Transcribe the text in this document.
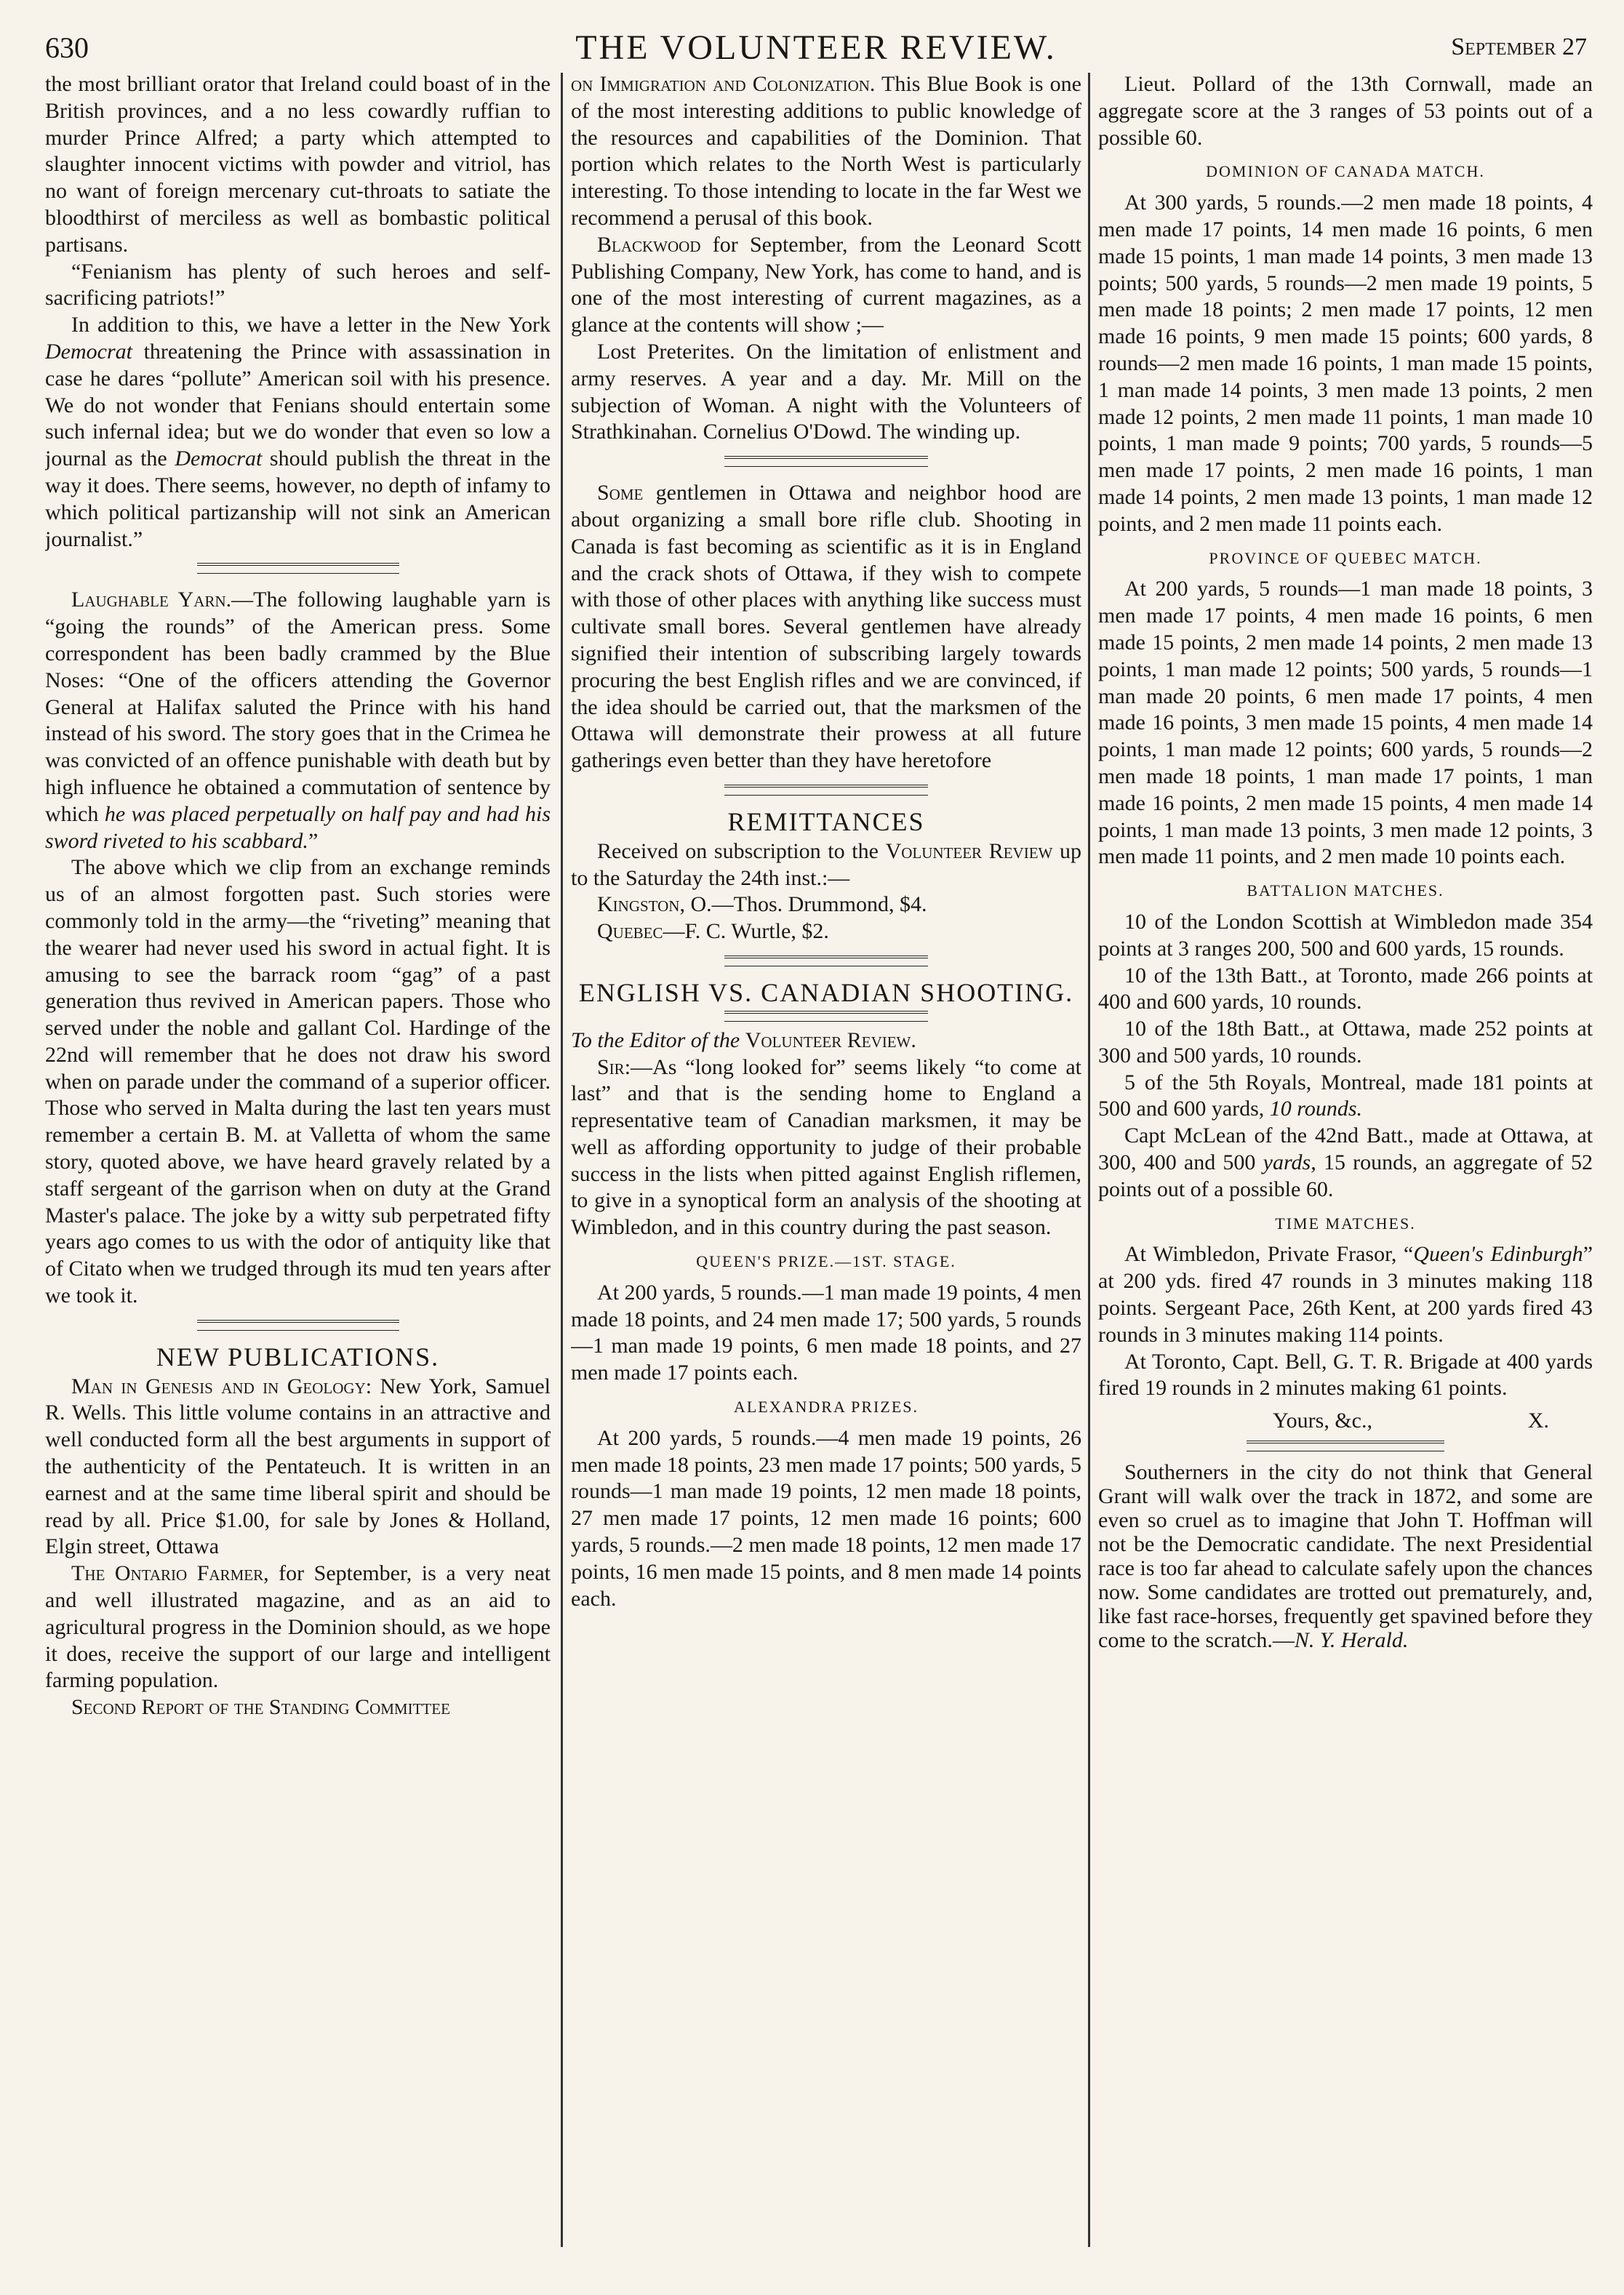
630	THE VOLUNTEER REVIEW.	September 27

the most brilliant orator that Ireland could boast of in the British provinces, and a no less cowardly ruffian to murder Prince Alfred; a party which attempted to slaughter innocent victims with powder and vitriol, has no want of foreign mercenary cut-throats to satiate the bloodthirst of merciless as well as bombastic political partisans.

“Fenianism has plenty of such heroes and self-sacrificing patriots!”

In addition to this, we have a letter in the New York Democrat threatening the Prince with assassination in case he dares “pollute” American soil with his presence. We do not wonder that Fenians should entertain some such infernal idea; but we do wonder that even so low a journal as the Democrat should publish the threat in the way it does. There seems, however, no depth of infamy to which political partizanship will not sink an American journalist.”

Laughable Yarn.—The following laughable yarn is “going the rounds” of the American press. Some correspondent has been badly crammed by the Blue Noses: “One of the officers attending the Governor General at Halifax saluted the Prince with his hand instead of his sword. The story goes that in the Crimea he was convicted of an offence punishable with death but by high influence he obtained a commutation of sentence by which he was placed perpetually on half pay and had his sword riveted to his scabbard.”

The above which we clip from an exchange reminds us of an almost forgotten past. Such stories were commonly told in the army—the “riveting” meaning that the wearer had never used his sword in actual fight. It is amusing to see the barrack room “gag” of a past generation thus revived in American papers. Those who served under the noble and gallant Col. Hardinge of the 22nd will remember that he does not draw his sword when on parade under the command of a superior officer. Those who served in Malta during the last ten years must remember a certain B. M. at Valletta of whom the same story, quoted above, we have heard gravely related by a staff sergeant of the garrison when on duty at the Grand Master's palace. The joke by a witty sub perpetrated fifty years ago comes to us with the odor of antiquity like that of Citato when we trudged through its mud ten years after we took it.

NEW PUBLICATIONS.

Man in Genesis and in Geology: New York, Samuel R. Wells. This little volume contains in an attractive and well conducted form all the best arguments in support of the authenticity of the Pentateuch. It is written in an earnest and at the same time liberal spirit and should be read by all. Price $1.00, for sale by Jones & Holland, Elgin street, Ottawa

The Ontario Farmer, for September, is a very neat and well illustrated magazine, and as an aid to agricultural progress in the Dominion should, as we hope it does, receive the support of our large and intelligent farming population.

Second Report of the Standing Committee

on Immigration and Colonization. This Blue Book is one of the most interesting additions to public knowledge of the resources and capabilities of the Dominion. That portion which relates to the North West is particularly interesting. To those intending to locate in the far West we recommend a perusal of this book.

Blackwood for September, from the Leonard Scott Publishing Company, New York, has come to hand, and is one of the most interesting of current magazines, as a glance at the contents will show ;—

Lost Preterites. On the limitation of enlistment and army reserves. A year and a day. Mr. Mill on the subjection of Woman. A night with the Volunteers of Strathkinahan. Cornelius O'Dowd. The winding up.

Some gentlemen in Ottawa and neighbor hood are about organizing a small bore rifle club. Shooting in Canada is fast becoming as scientific as it is in England and the crack shots of Ottawa, if they wish to compete with those of other places with anything like success must cultivate small bores. Several gentlemen have already signified their intention of subscribing largely towards procuring the best English rifles and we are convinced, if the idea should be carried out, that the marksmen of the Ottawa will demonstrate their prowess at all future gatherings even better than they have heretofore

REMITTANCES

Received on subscription to the Volunteer Review up to the Saturday the 24th inst.:—

Kingston, O.—Thos. Drummond, $4.

Quebec—F. C. Wurtle, $2.

ENGLISH VS. CANADIAN SHOOTING.

To the Editor of the Volunteer Review.

Sir:—As “long looked for” seems likely “to come at last” and that is the sending home to England a representative team of Canadian marksmen, it may be well as affording opportunity to judge of their probable success in the lists when pitted against English riflemen, to give in a synoptical form an analysis of the shooting at Wimbledon, and in this country during the past season.

QUEEN'S PRIZE.—1ST. STAGE.

At 200 yards, 5 rounds.—1 man made 19 points, 4 men made 18 points, and 24 men made 17; 500 yards, 5 rounds—1 man made 19 points, 6 men made 18 points, and 27 men made 17 points each.

ALEXANDRA PRIZES.

At 200 yards, 5 rounds.—4 men made 19 points, 26 men made 18 points, 23 men made 17 points; 500 yards, 5 rounds—1 man made 19 points, 12 men made 18 points, 27 men made 17 points, 12 men made 16 points; 600 yards, 5 rounds.—2 men made 18 points, 12 men made 17 points, 16 men made 15 points, and 8 men made 14 points each.

Lieut. Pollard of the 13th Cornwall, made an aggregate score at the 3 ranges of 53 points out of a possible 60.

DOMINION OF CANADA MATCH.

At 300 yards, 5 rounds.—2 men made 18 points, 4 men made 17 points, 14 men made 16 points, 6 men made 15 points, 1 man made 14 points, 3 men made 13 points; 500 yards, 5 rounds—2 men made 19 points, 5 men made 18 points; 2 men made 17 points, 12 men made 16 points, 9 men made 15 points; 600 yards, 8 rounds—2 men made 16 points, 1 man made 15 points, 1 man made 14 points, 3 men made 13 points, 2 men made 12 points, 2 men made 11 points, 1 man made 10 points, 1 man made 9 points; 700 yards, 5 rounds—5 men made 17 points, 2 men made 16 points, 1 man made 14 points, 2 men made 13 points, 1 man made 12 points, and 2 men made 11 points each.

PROVINCE OF QUEBEC MATCH.

At 200 yards, 5 rounds—1 man made 18 points, 3 men made 17 points, 4 men made 16 points, 6 men made 15 points, 2 men made 14 points, 2 men made 13 points, 1 man made 12 points; 500 yards, 5 rounds—1 man made 20 points, 6 men made 17 points, 4 men made 16 points, 3 men made 15 points, 4 men made 14 points, 1 man made 12 points; 600 yards, 5 rounds—2 men made 18 points, 1 man made 17 points, 1 man made 16 points, 2 men made 15 points, 4 men made 14 points, 1 man made 13 points, 3 men made 12 points, 3 men made 11 points, and 2 men made 10 points each.

BATTALION MATCHES.

10 of the London Scottish at Wimbledon made 354 points at 3 ranges 200, 500 and 600 yards, 15 rounds.

10 of the 13th Batt., at Toronto, made 266 points at 400 and 600 yards, 10 rounds.

10 of the 18th Batt., at Ottawa, made 252 points at 300 and 500 yards, 10 rounds.

5 of the 5th Royals, Montreal, made 181 points at 500 and 600 yards, 10 rounds.

Capt McLean of the 42nd Batt., made at Ottawa, at 300, 400 and 500 yards, 15 rounds, an aggregate of 52 points out of a possible 60.

TIME MATCHES.

At Wimbledon, Private Frasor, “Queen's Edinburgh” at 200 yds. fired 47 rounds in 3 minutes making 118 points. Sergeant Pace, 26th Kent, at 200 yards fired 43 rounds in 3 minutes making 114 points.

At Toronto, Capt. Bell, G. T. R. Brigade at 400 yards fired 19 rounds in 2 minutes making 61 points.

Yours, &c.,	X.

Southerners in the city do not think that General Grant will walk over the track in 1872, and some are even so cruel as to imagine that John T. Hoffman will not be the Democratic candidate. The next Presidential race is too far ahead to calculate safely upon the chances now. Some candidates are trotted out prematurely, and, like fast race-horses, frequently get spavined before they come to the scratch.—N. Y. Herald.
